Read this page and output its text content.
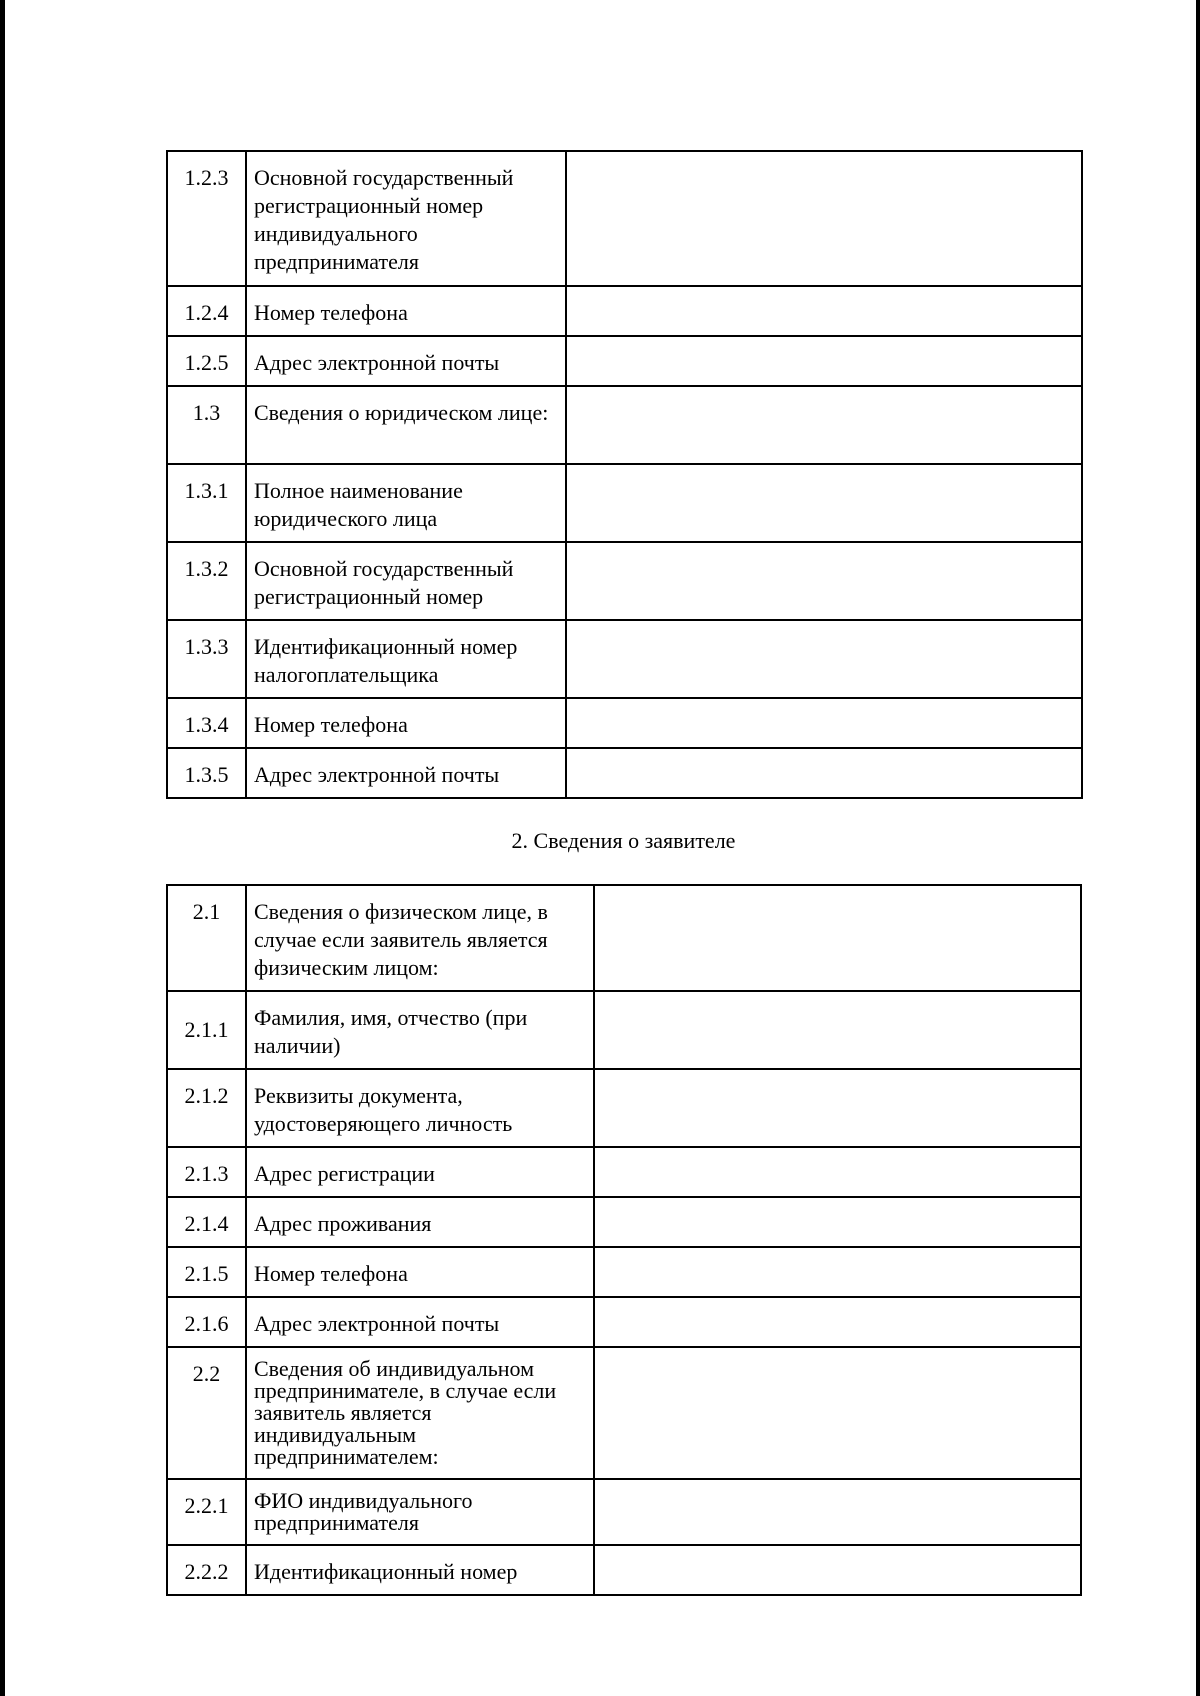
1.2.3	Основной государственный регистрационный номер индивидуального предпринимателя	
1.2.4	Номер телефона	
1.2.5	Адрес электронной почты	
1.3	Сведения о юридическом лице:	
1.3.1	Полное наименование юридического лица	
1.3.2	Основной государственный регистрационный номер	
1.3.3	Идентификационный номер налогоплательщика	
1.3.4	Номер телефона	
1.3.5	Адрес электронной почты	
2. Сведения о заявителе
2.1	Сведения о физическом лице, в случае если заявитель является физическим лицом:	
2.1.1	Фамилия, имя, отчество (при наличии)	
2.1.2	Реквизиты документа, удостоверяющего личность	
2.1.3	Адрес регистрации	
2.1.4	Адрес проживания	
2.1.5	Номер телефона	
2.1.6	Адрес электронной почты	
2.2	Сведения об индивидуальном предпринимателе, в случае если заявитель является индивидуальным предпринимателем:	
2.2.1	ФИО индивидуального предпринимателя	
2.2.2	Идентификационный номер	
